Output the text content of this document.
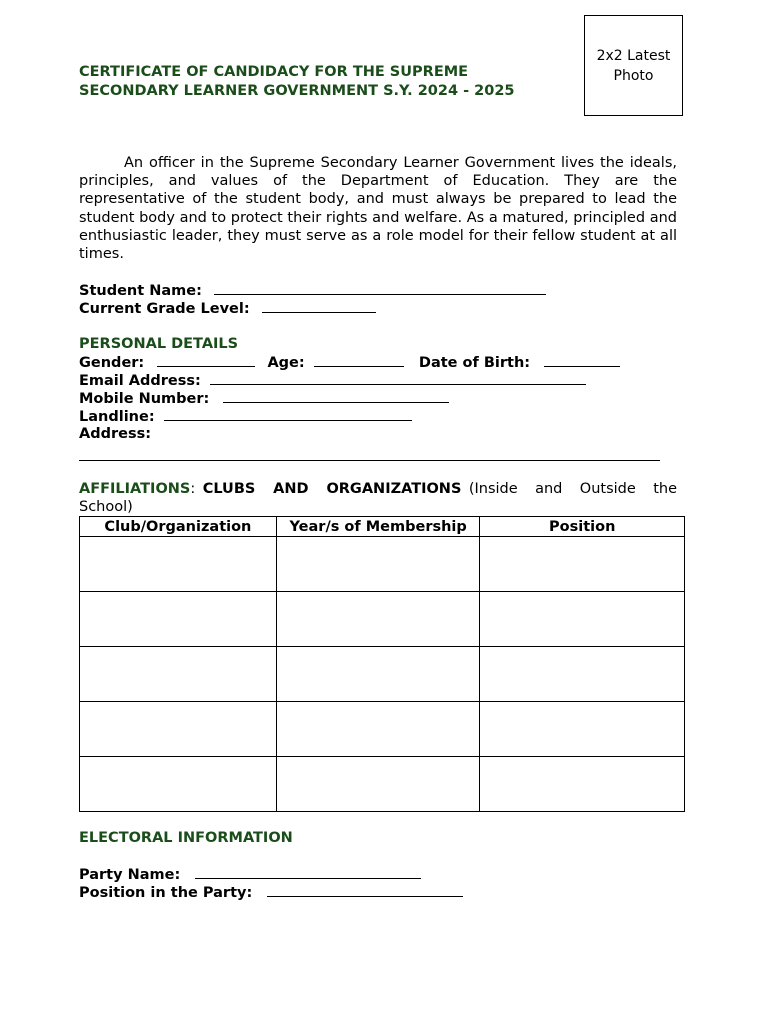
2x2 Latest
Photo
CERTIFICATE OF CANDIDACY FOR THE SUPREME
SECONDARY LEARNER GOVERNMENT S.Y. 2024 - 2025

An officer in the Supreme Secondary Learner Government lives the ideals, principles, and values of the Department of Education. They are the representative of the student body, and must always be prepared to lead the student body and to protect their rights and welfare. As a matured, principled and enthusiastic leader, they must serve as a role model for their fellow student at all times.

Student Name:
Current Grade Level:
PERSONAL DETAILS
Gender:	Age:	Date of Birth:
Email Address:
Mobile Number:
Landline:
Address:
AFFILIATIONS: CLUBS AND ORGANIZATIONS (Inside and Outside the School)
Club/Organization	Year/s of Membership	Position

ELECTORAL INFORMATION
Party Name:
Position in the Party:
